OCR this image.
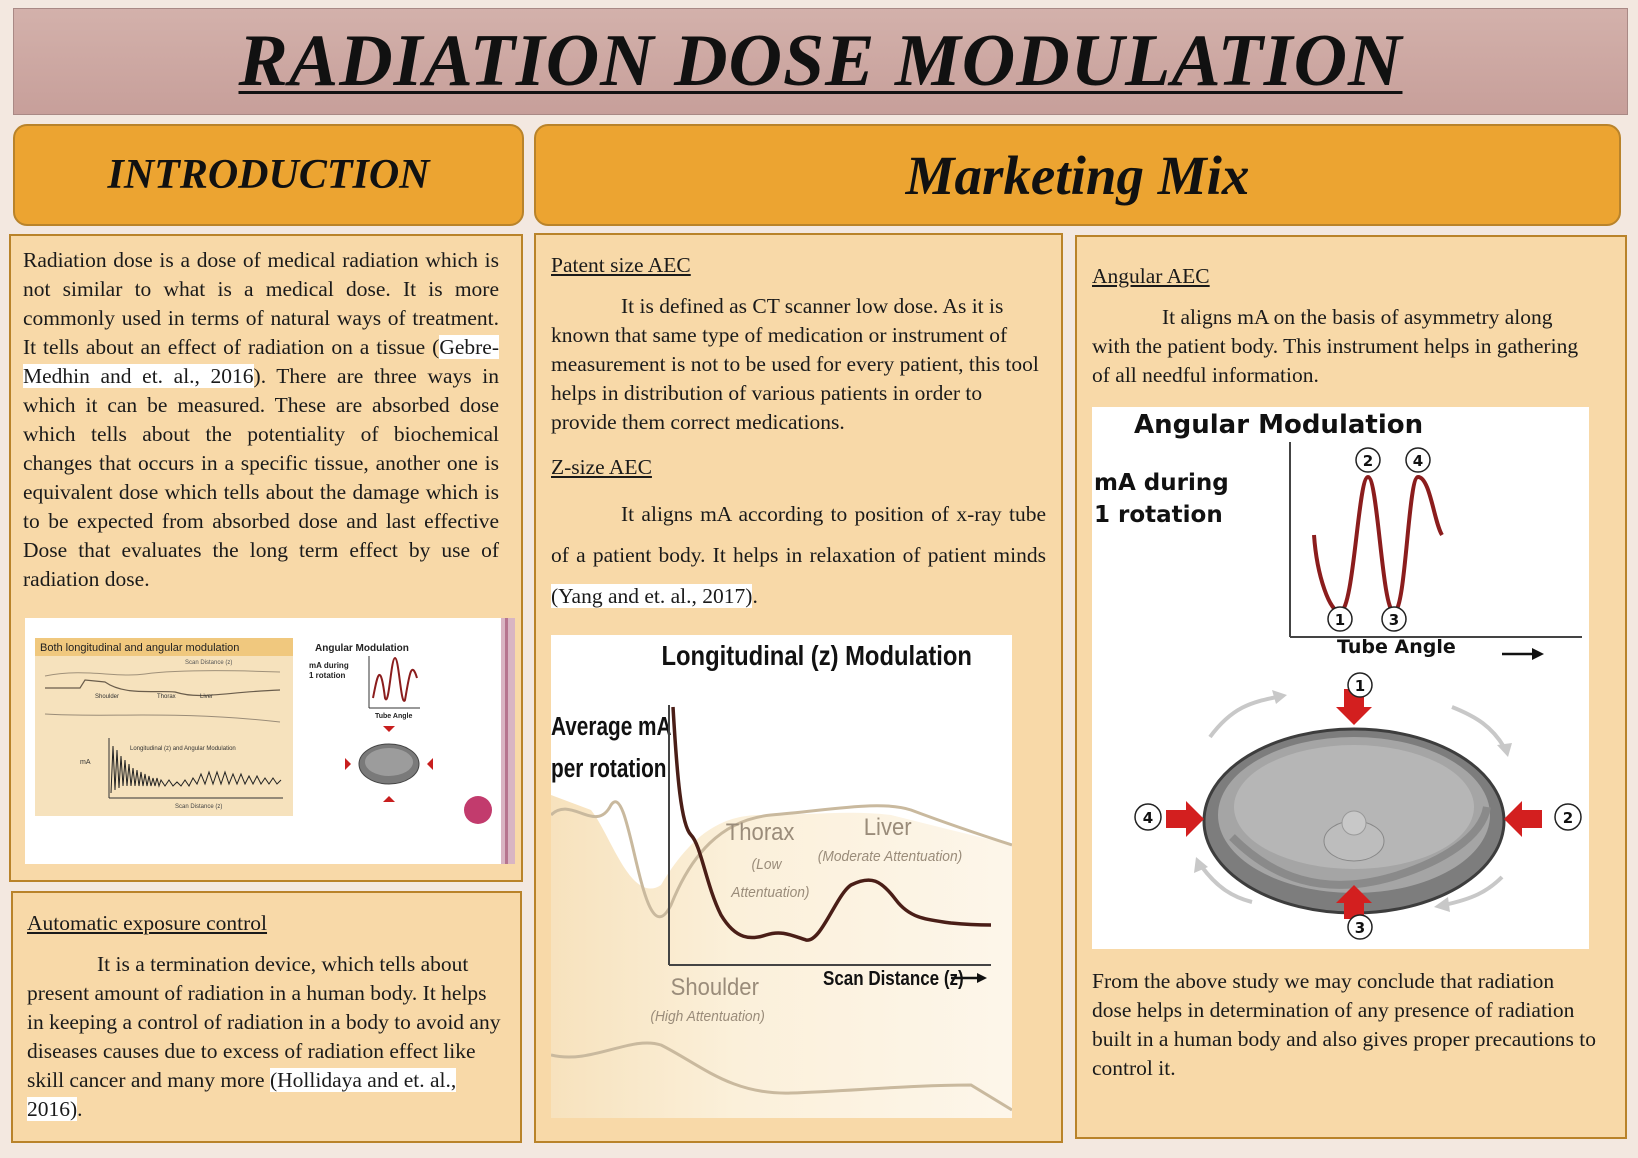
RADIATION DOSE MODULATION
INTRODUCTION	Marketing Mix

Radiation dose is a dose of medical radiation which is not similar to what is a medical dose. It is more commonly used in terms of natural ways of treatment. It tells about an effect of radiation on a tissue (Gebre-Medhin and et. al., 2016). There are three ways in which it can be measured. These are absorbed dose which tells about the potentiality of biochemical changes that occurs in a specific tissue, another one is equivalent dose which tells about the damage which is to be expected from absorbed dose and last effective Dose that evaluates the long term effect by use of radiation dose.

Both longitudinal and angular modulation
Scan Distance (z)
Shoulder	Thorax	Liver
Longitudinal (z) and Angular Modulation
mA
Scan Distance (z)
Angular Modulation
mA during
1 rotation
Tube Angle
Automatic exposure control

It is a termination device, which tells about present amount of radiation in a human body. It helps in keeping a control of radiation in a body to avoid any diseases causes due to excess of radiation effect like skill cancer and many more (Hollidaya and et. al., 2016).

Patent size AEC

It is defined as CT scanner low dose. As it is known that same type of medication or instrument of measurement is not to be used for every patient, this tool helps in distribution of various patients in order to provide them correct medications.

Z-size AEC

It aligns mA according to position of x-ray tube of a patient body. It helps in relaxation of patient minds (Yang and et. al., 2017).

Longitudinal (z) Modulation
Average mA
per rotation
Thorax
(Low
Attentuation)
Liver
(Moderate Attentuation)
Shoulder
(High Attentuation)
Scan Distance (z)
Angular AEC

It aligns mA on the basis of asymmetry along with the patient body. This instrument helps in gathering of all needful information.

Angular Modulation
mA during
1 rotation
2	4
1	3
Tube Angle
1
3
4	2

From the above study we may conclude that radiation dose helps in determination of any presence of radiation built in a human body and also gives proper precautions to control it.
